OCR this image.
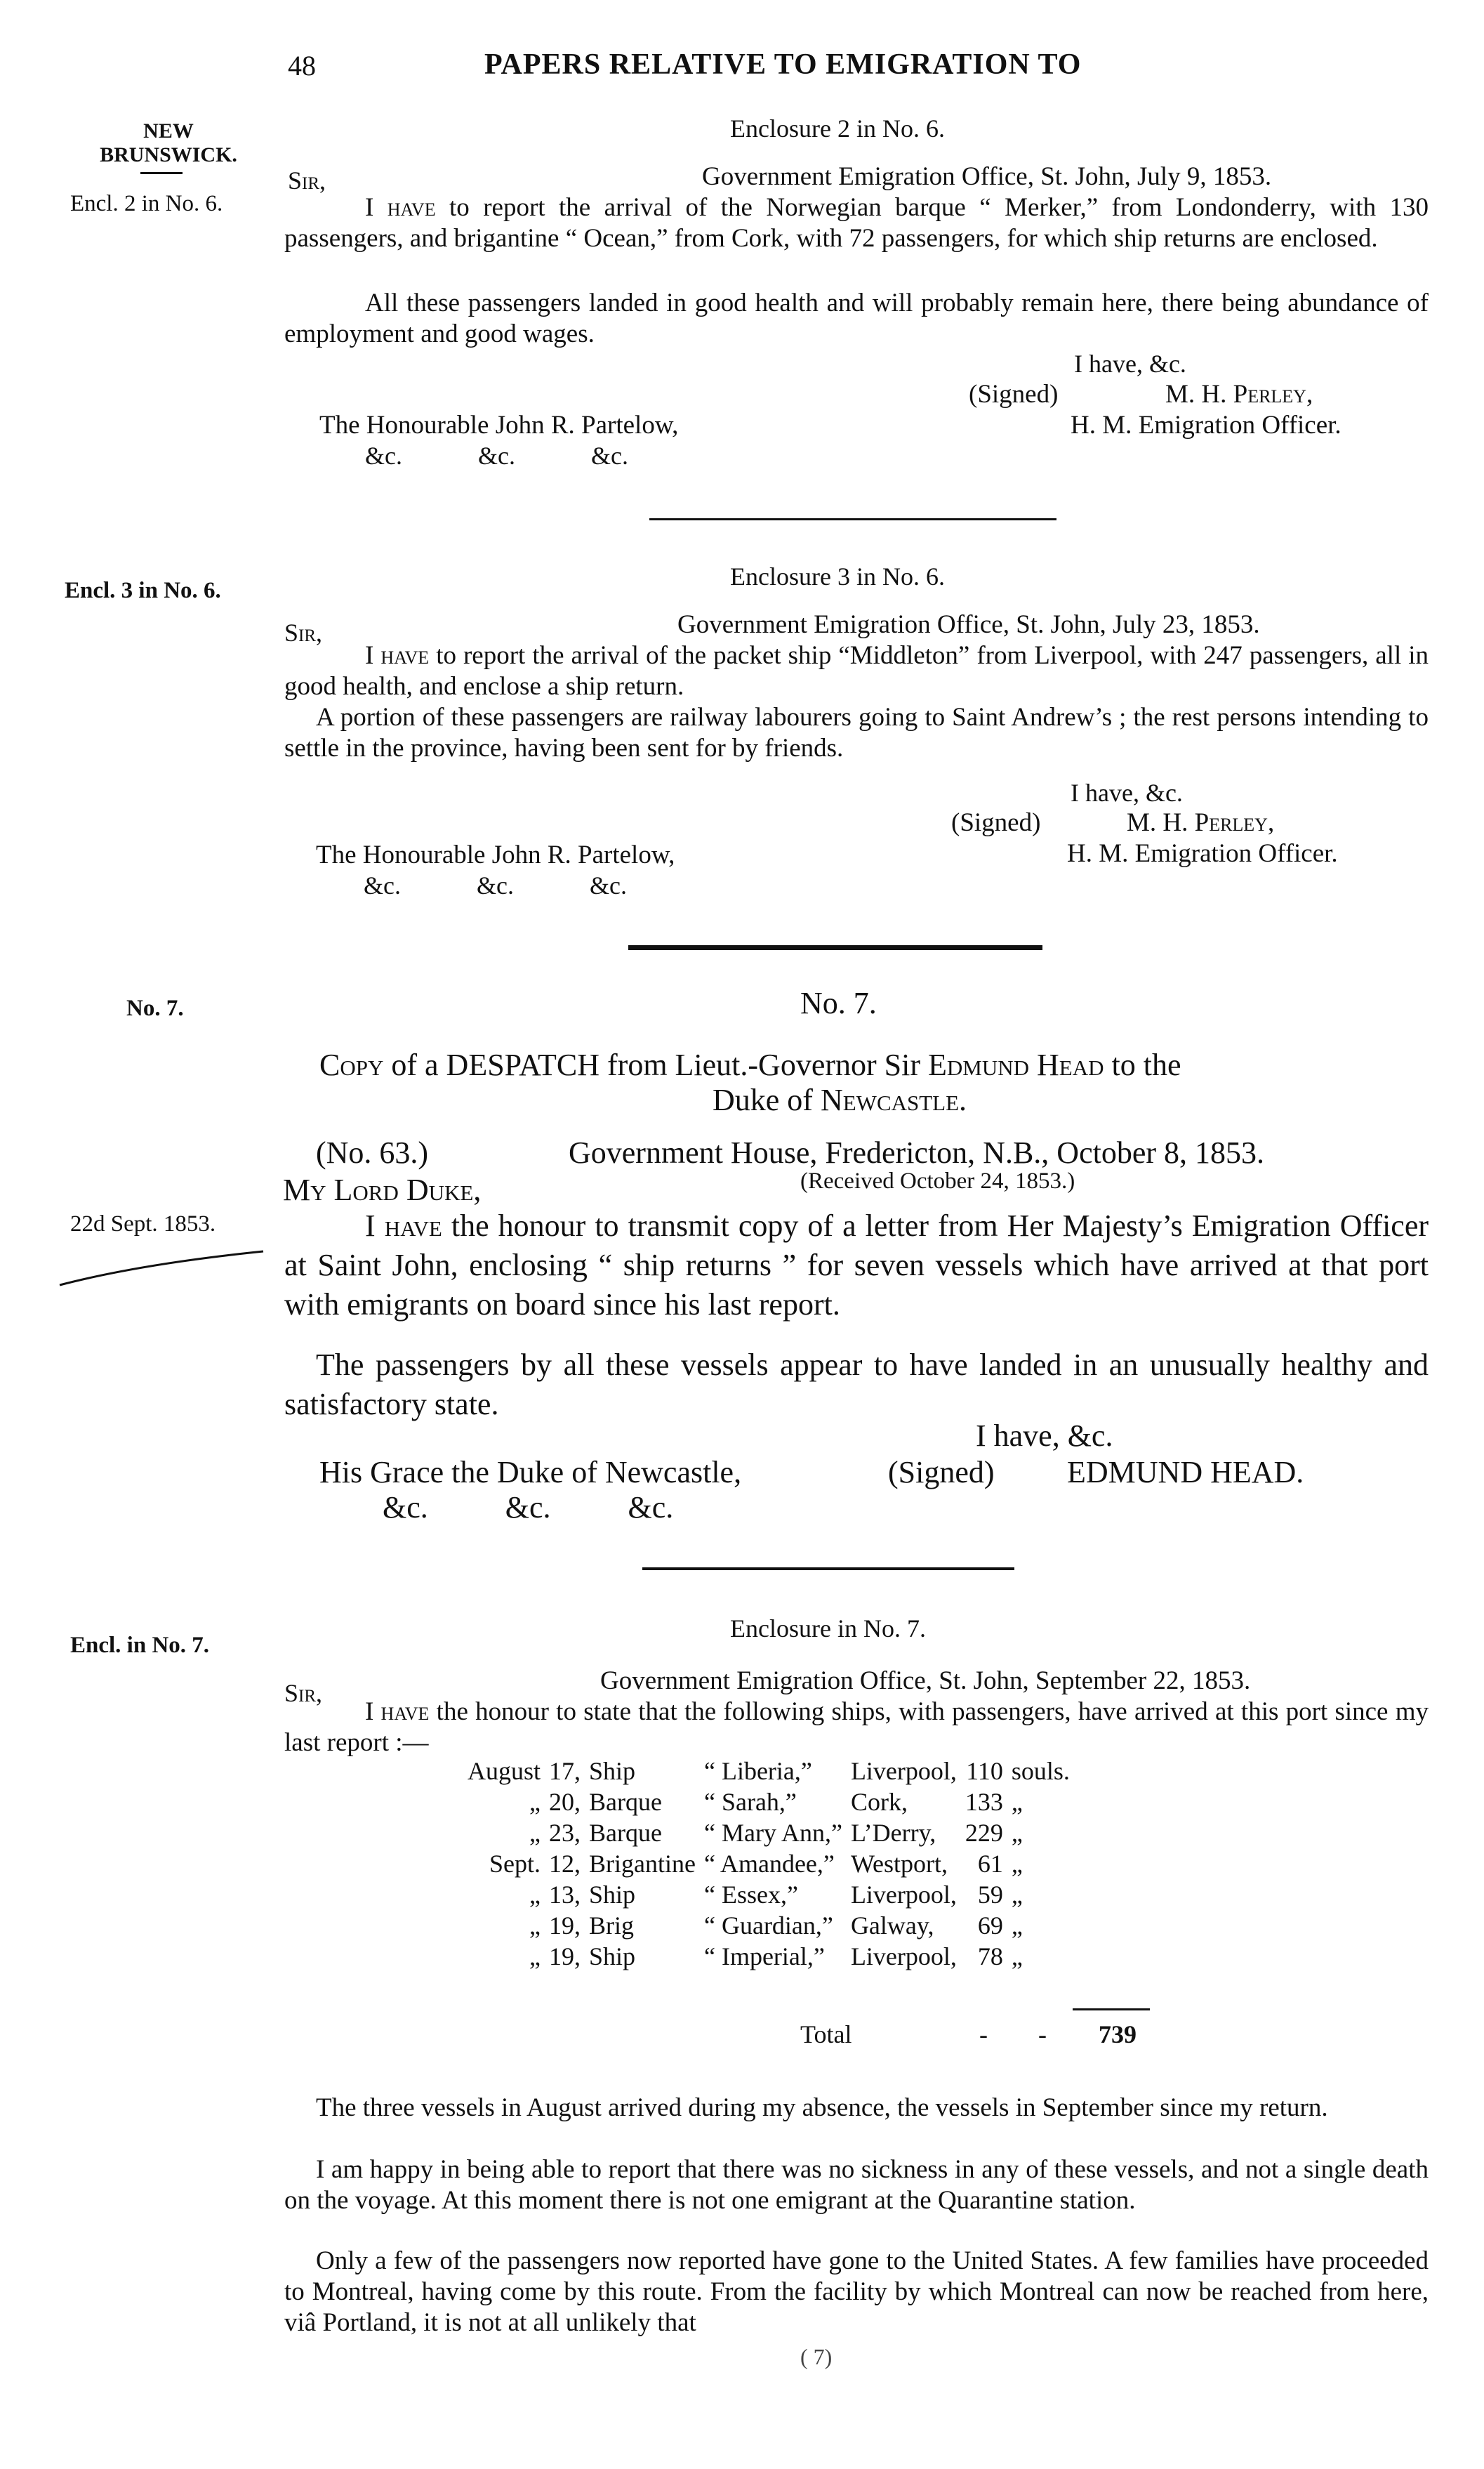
48	PAPERS RELATIVE TO EMIGRATION TO
NEW
BRUNSWICK.
Encl. 2 in No. 6.
Encl. 3 in No. 6.
No. 7.
22d Sept. 1853.
Encl. in No. 7.
Enclosure 2 in No. 6.
Sir,	Government Emigration Office, St. John, July 9, 1853.
I have to report the arrival of the Norwegian barque “ Merker,” from Londonderry, with 130 passengers, and brigantine “ Ocean,” from Cork, with 72 passengers, for which ship returns are enclosed.
All these passengers landed in good health and will probably remain here, there being abundance of employment and good wages.
I have, &c.
(Signed)	M. H. Perley,
H. M. Emigration Officer.
The Honourable John R. Partelow,
&c.            &c.            &c.
Enclosure 3 in No. 6.
Sir,	Government Emigration Office, St. John, July 23, 1853.
I have to report the arrival of the packet ship “Middleton” from Liverpool, with 247 passengers, all in good health, and enclose a ship return.
A portion of these passengers are railway labourers going to Saint Andrew’s ; the rest persons intending to settle in the province, having been sent for by friends.
I have, &c.
(Signed)	M. H. Perley,
H. M. Emigration Officer.
The Honourable John R. Partelow,
&c.            &c.            &c.
No. 7.
Copy of a DESPATCH from Lieut.-Governor Sir Edmund Head to the
Duke of Newcastle.
(No. 63.)	Government House, Fredericton, N.B., October 8, 1853.
My Lord Duke,	(Received October 24, 1853.)
I have the honour to transmit copy of a letter from Her Majesty’s Emigration Officer at Saint John, enclosing “ ship returns ” for seven vessels which have arrived at that port with emigrants on board since his last report.
The passengers by all these vessels appear to have landed in an unusually healthy and satisfactory state.
I have, &c.
His Grace the Duke of Newcastle,	(Signed) EDMUND HEAD.
&c.          &c.          &c.
Enclosure in No. 7.
Sir,	Government Emigration Office, St. John, September 22, 1853.
I have the honour to state that the following ships, with passengers, have arrived at this port since my last report :—
August	17,	Ship	“ Liberia,”	Liverpool,	110	souls.
„	20,	Barque	“ Sarah,”	Cork,	133	„
„	23,	Barque	“ Mary Ann,”	L’Derry,	229	„
Sept.	12,	Brigantine	“ Amandee,”	Westport,	61	„
„	13,	Ship	“ Essex,”	Liverpool,	59	„
„	19,	Brig	“ Guardian,”	Galway,	69	„
„	19,	Ship	“ Imperial,”	Liverpool,	78	„
Total	-        - 739
The three vessels in August arrived during my absence, the vessels in September since my return.
I am happy in being able to report that there was no sickness in any of these vessels, and not a single death on the voyage. At this moment there is not one emigrant at the Quarantine station.
Only a few of the passengers now reported have gone to the United States. A few families have proceeded to Montreal, having come by this route. From the facility by which Montreal can now be reached from here, viâ Portland, it is not at all unlikely that
( 7)
